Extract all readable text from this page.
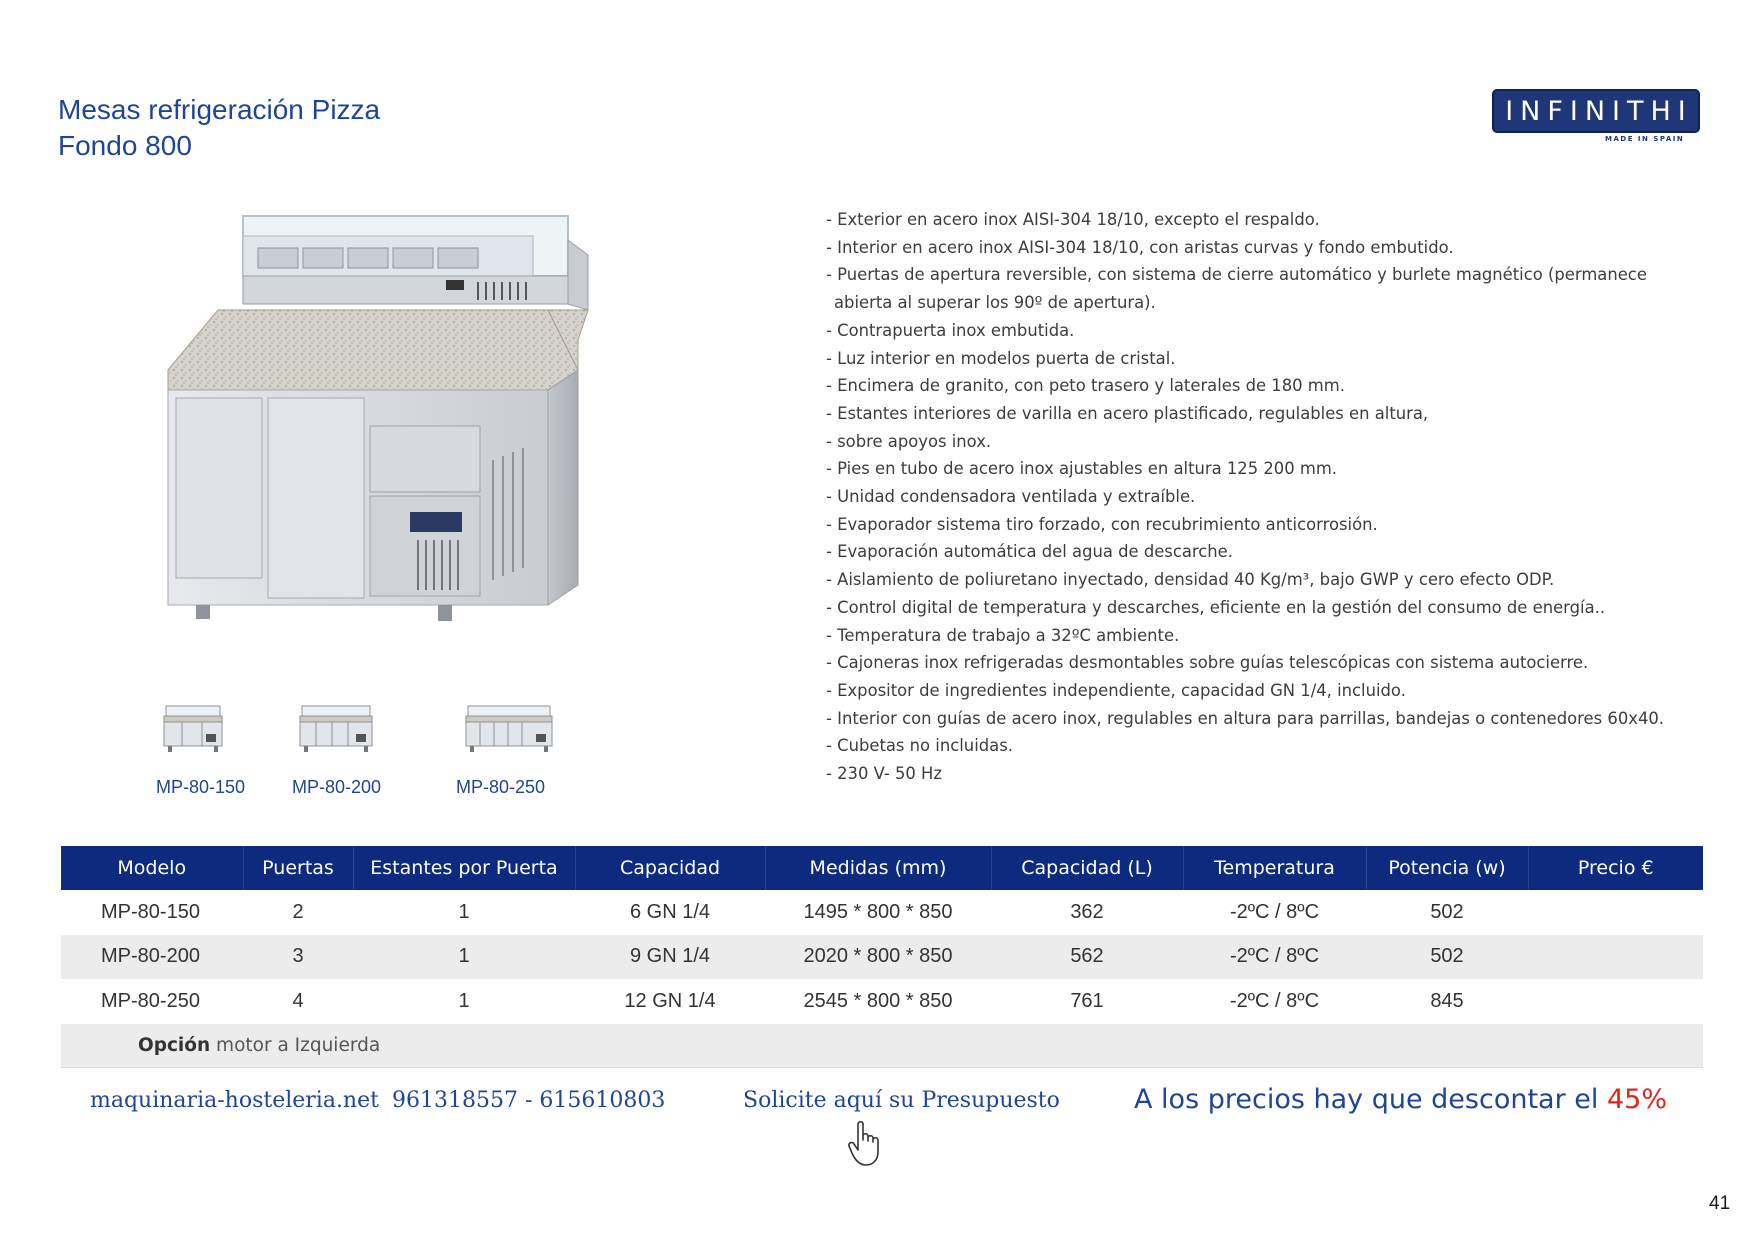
Mesas refrigeración Pizza
Fondo 800
INFINITHI
MADE IN SPAIN
MP-80-150	MP-80-200	MP-80-250
- Exterior en acero inox AISI-304 18/10, excepto el respaldo.
- Interior en acero inox AISI-304 18/10, con aristas curvas y fondo embutido.
- Puertas de apertura reversible, con sistema de cierre automático y burlete magnético (permanece
abierta al superar los 90º de apertura).
- Contrapuerta inox embutida.
- Luz interior en modelos puerta de cristal.
- Encimera de granito, con peto trasero y laterales de 180 mm.
- Estantes interiores de varilla en acero plastificado, regulables en altura,
- sobre apoyos inox.
- Pies en tubo de acero inox ajustables en altura 125 200 mm.
- Unidad condensadora ventilada y extraíble.
- Evaporador sistema tiro forzado, con recubrimiento anticorrosión.
- Evaporación automática del agua de descarche.
- Aislamiento de poliuretano inyectado, densidad 40 Kg/m³, bajo GWP y cero efecto ODP.
- Control digital de temperatura y descarches, eficiente en la gestión del consumo de energía..
- Temperatura de trabajo a 32ºC ambiente.
- Cajoneras inox refrigeradas desmontables sobre guías telescópicas con sistema autocierre.
- Expositor de ingredientes independiente, capacidad GN 1/4, incluido.
- Interior con guías de acero inox, regulables en altura para parrillas, bandejas o contenedores 60x40.
- Cubetas no incluidas.
- 230 V- 50 Hz
Modelo	Puertas	Estantes por Puerta	Capacidad	Medidas (mm)	Capacidad (L)	Temperatura	Potencia (w)	Precio €
MP-80-150	2	1	6 GN 1/4	1495 * 800 * 850	362	-2ºC / 8ºC	502	
MP-80-200	3	1	9 GN 1/4	2020 * 800 * 850	562	-2ºC / 8ºC	502	
MP-80-250	4	1	12 GN 1/4	2545 * 800 * 850	761	-2ºC / 8ºC	845	
Opción motor a Izquierda								
maquinaria-hosteleria.net 961318557 - 615610803	Solicite aquí su Presupuesto	A los precios hay que descontar el 45%
41
